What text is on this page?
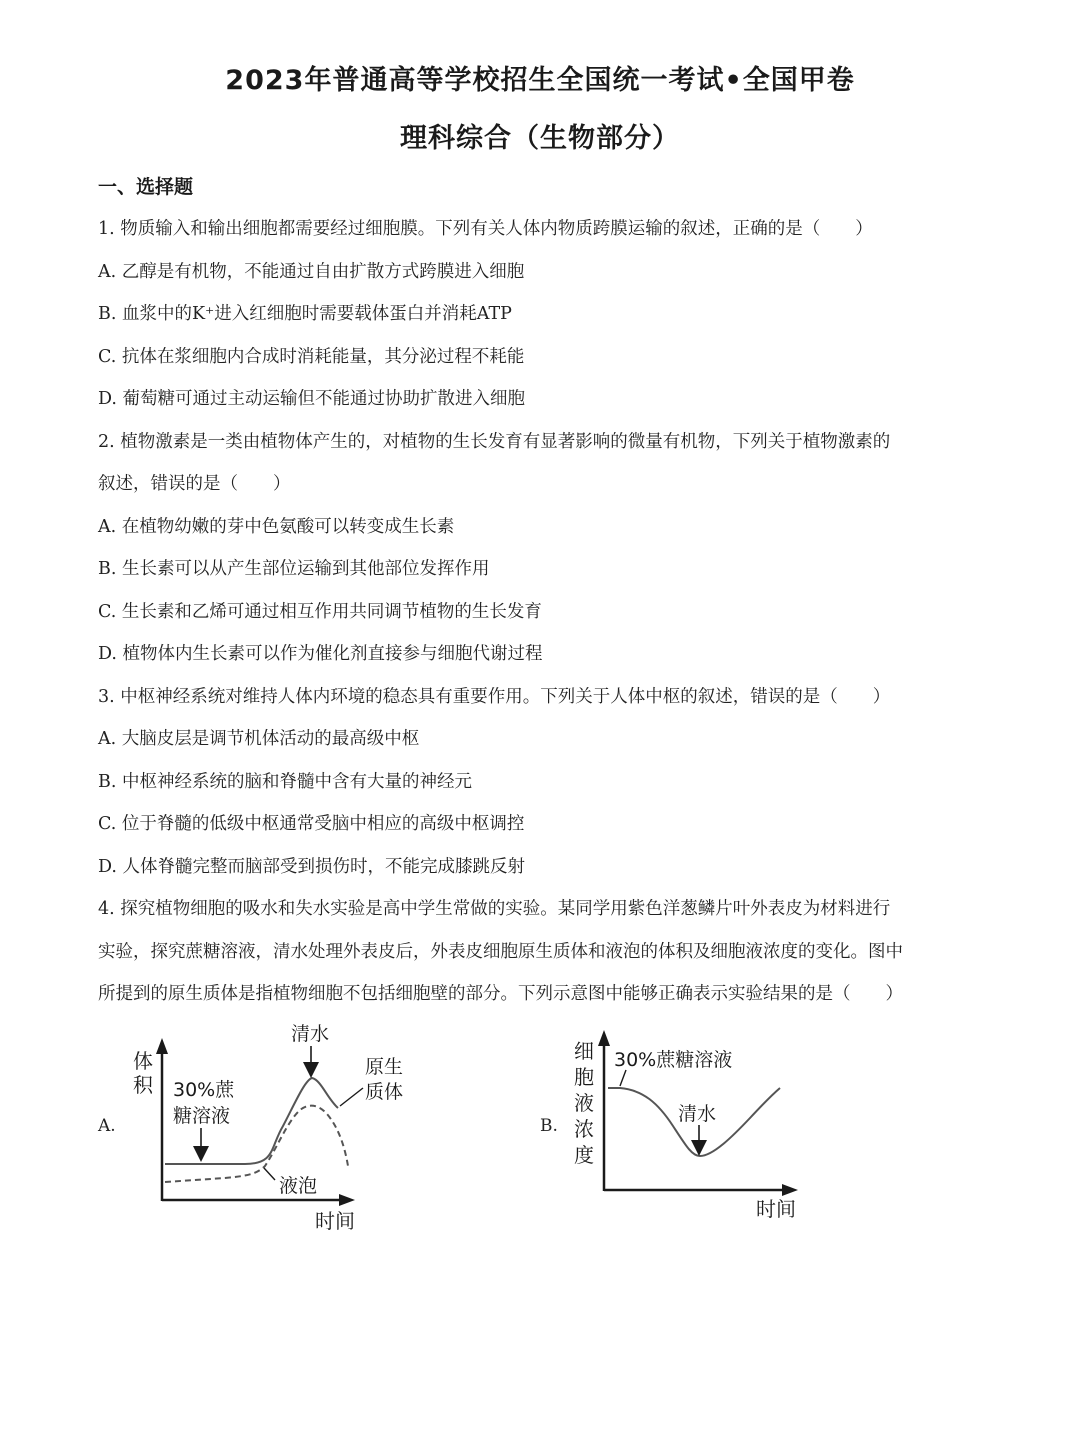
2023年普通高等学校招生全国统一考试•全国甲卷
理科综合（生物部分）
一、选择题
1. 物质输入和输出细胞都需要经过细胞膜。下列有关人体内物质跨膜运输的叙述，正确的是（　　）
A. 乙醇是有机物，不能通过自由扩散方式跨膜进入细胞
B. 血浆中的K⁺进入红细胞时需要载体蛋白并消耗ATP
C. 抗体在浆细胞内合成时消耗能量，其分泌过程不耗能
D. 葡萄糖可通过主动运输但不能通过协助扩散进入细胞
2. 植物激素是一类由植物体产生的，对植物的生长发育有显著影响的微量有机物，下列关于植物激素的
叙述，错误的是（　　）
A. 在植物幼嫩的芽中色氨酸可以转变成生长素
B. 生长素可以从产生部位运输到其他部位发挥作用
C. 生长素和乙烯可通过相互作用共同调节植物的生长发育
D. 植物体内生长素可以作为催化剂直接参与细胞代谢过程
3. 中枢神经系统对维持人体内环境的稳态具有重要作用。下列关于人体中枢的叙述，错误的是（　　）
A. 大脑皮层是调节机体活动的最高级中枢
B. 中枢神经系统的脑和脊髓中含有大量的神经元
C. 位于脊髓的低级中枢通常受脑中相应的高级中枢调控
D. 人体脊髓完整而脑部受到损伤时，不能完成膝跳反射
4. 探究植物细胞的吸水和失水实验是高中学生常做的实验。某同学用紫色洋葱鳞片叶外表皮为材料进行
实验，探究蔗糖溶液，清水处理外表皮后，外表皮细胞原生质体和液泡的体积及细胞液浓度的变化。图中
所提到的原生质体是指植物细胞不包括细胞壁的部分。下列示意图中能够正确表示实验结果的是（　　）
A.
体
积
时间
30%蔗
糖溶液
清水
原生
质体
液泡
B.
细
胞
液
浓
度
时间
30%蔗糖溶液
清水
